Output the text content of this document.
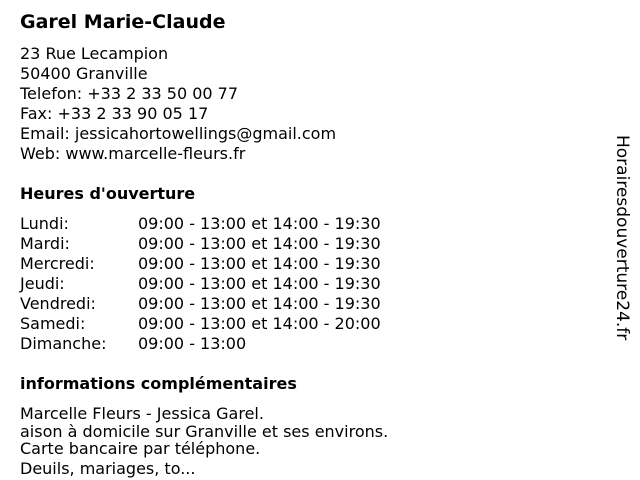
Garel Marie-Claude
23 Rue Lecampion
50400 Granville
Telefon: +33 2 33 50 00 77
Fax: +33 2 33 90 05 17
Email: jessicahortowellings@gmail.com
Web: www.marcelle-fleurs.fr
Heures d'ouverture
Lundi:	09:00 - 13:00 et 14:00 - 19:30
Mardi:	09:00 - 13:00 et 14:00 - 19:30
Mercredi:	09:00 - 13:00 et 14:00 - 19:30
Jeudi:	09:00 - 13:00 et 14:00 - 19:30
Vendredi:	09:00 - 13:00 et 14:00 - 19:30
Samedi:	09:00 - 13:00 et 14:00 - 20:00
Dimanche:	09:00 - 13:00
informations complémentaires
Marcelle Fleurs - Jessica Garel.
aison à domicile sur Granville et ses environs.
Carte bancaire par téléphone.
Deuils, mariages, to...
Horairesdouverture24.fr
